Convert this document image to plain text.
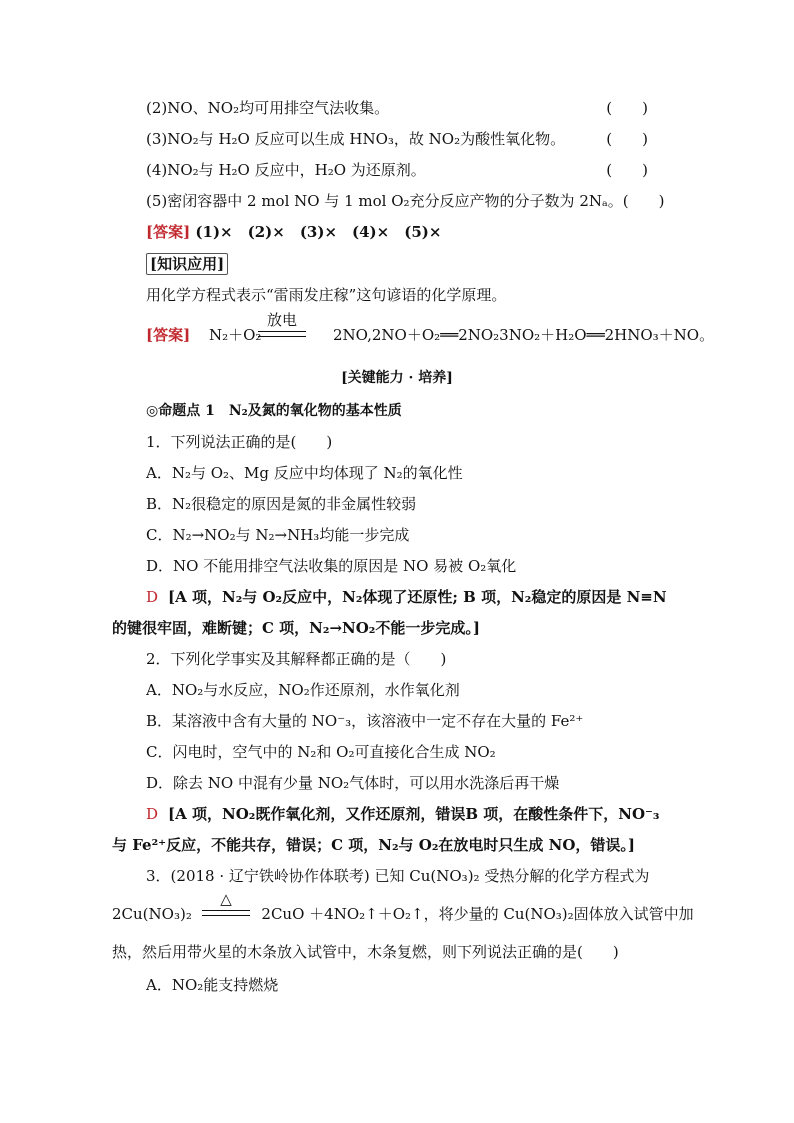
(2)NO、NO₂均可用排空气法收集。	(　　)
(3)NO₂与 H₂O 反应可以生成 HNO₃，故 NO₂为酸性氧化物。	(　　)
(4)NO₂与 H₂O 反应中，H₂O 为还原剂。	(　　)
(5)密闭容器中 2 mol NO 与 1 mol O₂充分反应产物的分子数为 2Nₐ。(　　)
[答案] (1)×　(2)×　(3)×　(4)×　(5)×
[知识应用]
用化学方程式表示“雷雨发庄稼”这句谚语的化学原理。
[答案] N₂＋O₂	2NO,2NO＋O₂══2NO₂3NO₂＋H₂O══2HNO₃＋NO。
放电
[关键能力 · 培养]
◎命题点 1　N₂及氮的氧化物的基本性质
1．下列说法正确的是(　　)
A．N₂与 O₂、Mg 反应中均体现了 N₂的氧化性
B．N₂很稳定的原因是氮的非金属性较弱
C．N₂→NO₂与 N₂→NH₃均能一步完成
D．NO 不能用排空气法收集的原因是 NO 易被 O₂氧化
D [A 项，N₂与 O₂反应中，N₂体现了还原性; B 项，N₂稳定的原因是 N≡N
的键很牢固，难断键；C 项，N₂→NO₂不能一步完成。]
2．下列化学事实及其解释都正确的是（　　)
A．NO₂与水反应，NO₂作还原剂，水作氧化剂
B．某溶液中含有大量的 NO⁻₃，该溶液中一定不存在大量的 Fe²⁺
C．闪电时，空气中的 N₂和 O₂可直接化合生成 NO₂
D．除去 NO 中混有少量 NO₂气体时，可以用水洗涤后再干燥
D [A 项，NO₂既作氧化剂，又作还原剂，错误B 项，在酸性条件下，NO⁻₃
与 Fe²⁺反应，不能共存，错误；C 项，N₂与 O₂在放电时只生成 NO，错误。]
3．(2018 · 辽宁铁岭协作体联考) 已知 Cu(NO₃)₂ 受热分解的化学方程式为
2Cu(NO₃)₂	2CuO ＋4NO₂↑＋O₂↑，将少量的 Cu(NO₃)₂固体放入试管中加
△
热，然后用带火星的木条放入试管中，木条复燃，则下列说法正确的是(　　)
A．NO₂能支持燃烧
